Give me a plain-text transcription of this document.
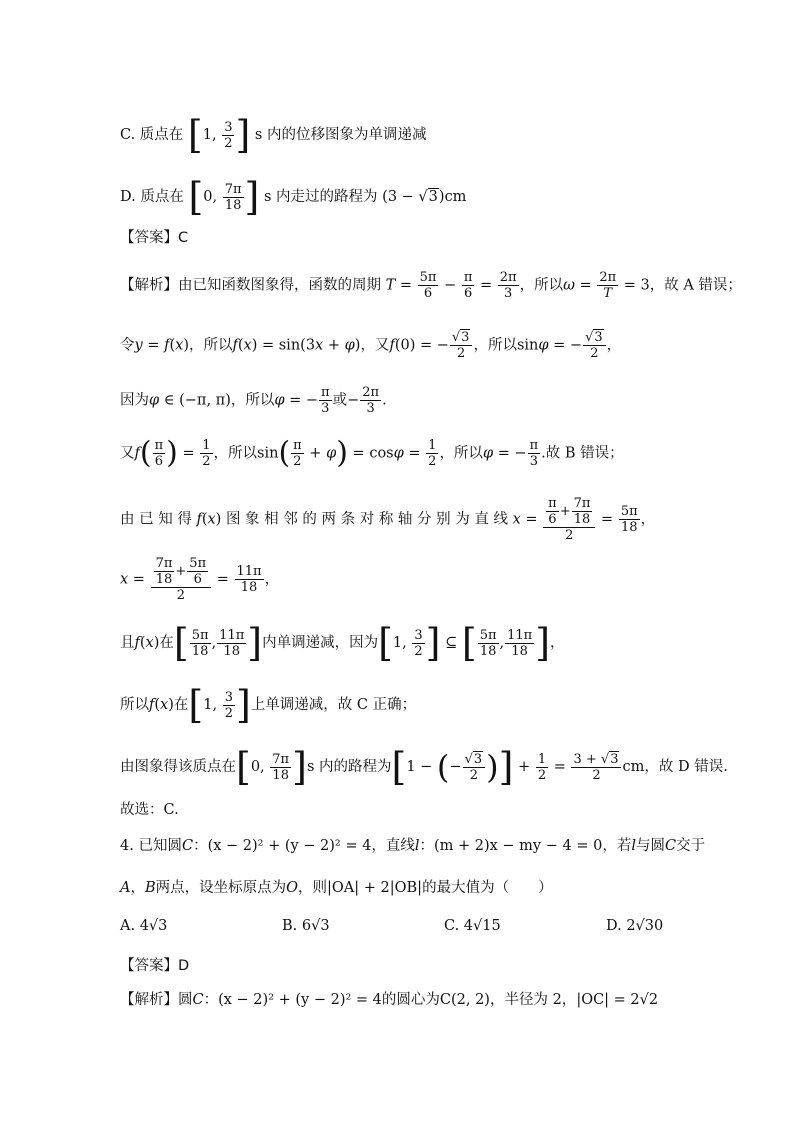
C. 质点在 [1, $\frac{3}{2}$ ] s 内的位移图象为单调递减
D. 质点在 [0, $\frac{7\pi}{18}$ ] s 内走过的路程为 (3 − √3)cm
【答案】C
【解析】由已知函数图象得，函数的周期 $T = \frac{5\pi}{6} - \frac{\pi}{6} = \frac{2\pi}{3}$ ，所以$\omega = \frac{2\pi}{T} = 3$，故 A 错误；
令y = f(x)，所以f(x) = sin(3x + φ)，又f(0) = − $\frac{√3}{2}$ ，所以sinφ = − $\frac{√3}{2}$ ，
因为φ ∈ (−π, π)，所以φ = − $\frac{\pi}{3}$ 或− $\frac{2\pi}{3}$ .
又$f( \frac{\pi}{6}$ ) = $\frac{1}{2}$ ，所以$\sin( \frac{\pi}{2} + \varphi) = \cos\varphi = \frac{1}{2}$ ，所以φ = − $\frac{\pi}{3}$ .故 B 错误；
由 已 知 得 f(x) 图 象 相 邻 的 两 条 对 称 轴 分 别 为 直 线 $x = \frac{\frac{\pi}{6} + \frac{7\pi}{18}}{2} = \frac{5\pi}{18}$ ，
$x = \frac{\frac{7\pi}{18} + \frac{5\pi}{6}}{2} = \frac{11\pi}{18}$ ，
且f(x)在[ $\frac{5\pi}{18}$ , $\frac{11\pi}{18}$ ]内单调递减，因为[1, $\frac{3}{2}$ ] ⊆ [ $\frac{5\pi}{18}$ , $\frac{11\pi}{18}$ ]，
所以f(x)在[1, $\frac{3}{2}$ ]上单调递减，故 C 正确；
由图象得该质点在[0, $\frac{7\pi}{18} ]s$ 内的路程为[1 − (− $\frac{√3}{2}$ )] + $\frac{1}{2} = \frac{3 + √3}{2}$ cm，故 D 错误.
故选：C.
4. 已知圆C：(x − 2)² + (y − 2)² = 4，直线l：(m + 2)x − my − 4 = 0，若l与圆C交于
A，B两点，设坐标原点为O，则|OA| + 2|OB|的最大值为（　　）
A. 4√3	B. 6√3	C. 4√15	D. 2√30
【答案】D
【解析】圆C：(x − 2)² + (y − 2)² = 4的圆心为C(2, 2)，半径为 2，|OC| = 2√2
